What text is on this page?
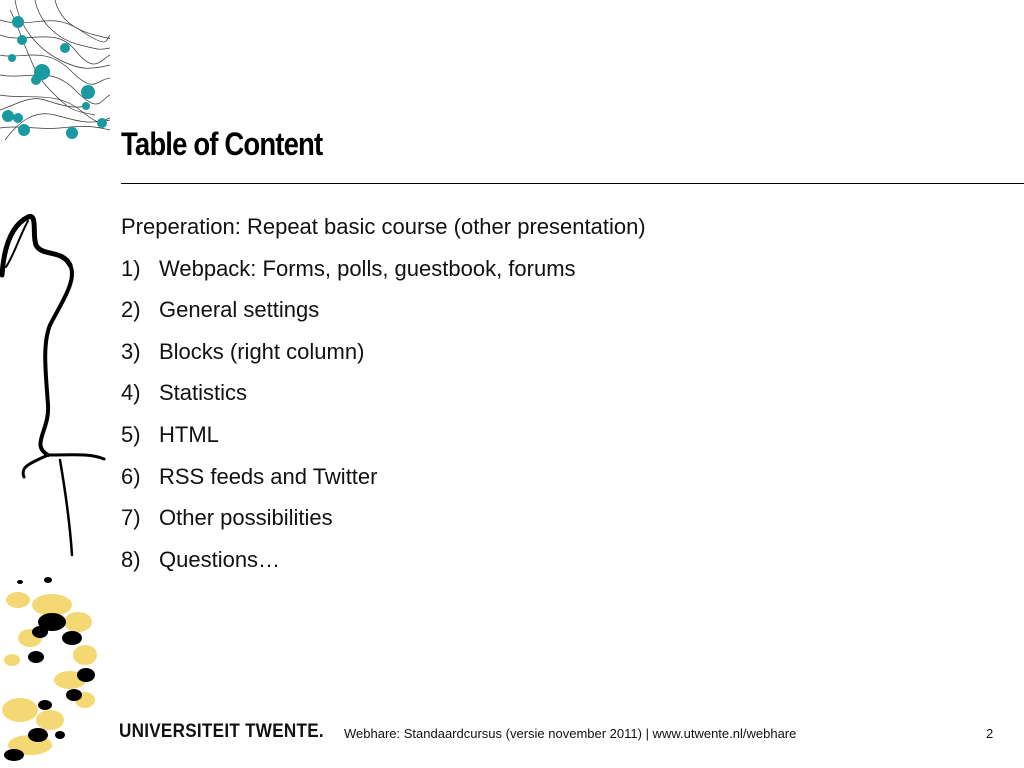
Table of Content
Preperation: Repeat basic course (other presentation)
1) Webpack: Forms, polls, guestbook, forums
2) General settings
3) Blocks (right column)
4) Statistics
5) HTML
6) RSS feeds and Twitter
7) Other possibilities
8) Questions…
UNIVERSITEIT TWENTE. Webhare: Standaardcursus (versie november 2011) | www.utwente.nl/webhare	2
